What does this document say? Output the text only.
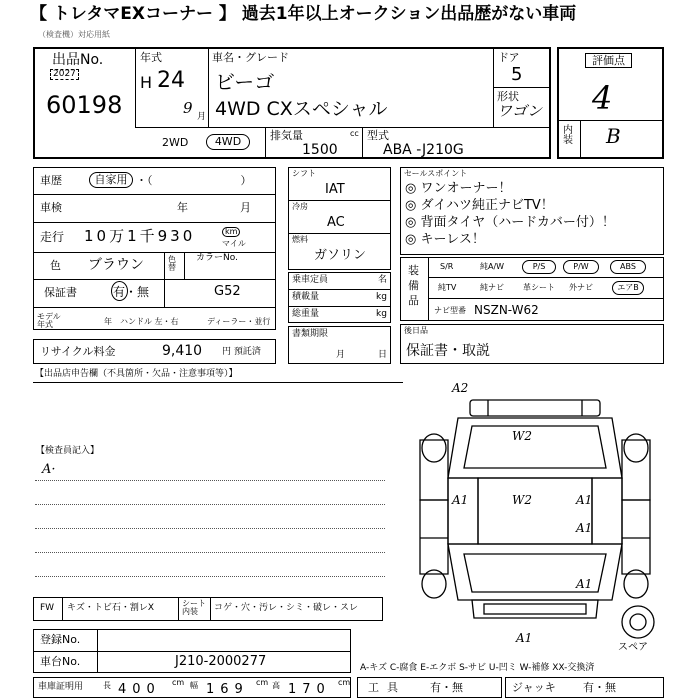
【 トレタマEXコーナー 】 過去1年以上オークション出品歴がない車両
（検査機）対応用紙
出品No.
2027
60198
年式
H 24
9 月
車名・グレード
ビーゴ
4WD CXスペシャル
ドア
5
形状
ワゴン
2WD	4WD	排気量	cc
1500
型式
ABA -J210G
評価点
4
内装 B
車歴	自家用 ・（　　　　　　　　）
車検	年	月
走行 10万1千930	km
マイル
色 ブラウン	色替
カラーNo.
G52
保証書	有・無
モデル年式	年 ハンドル 左・右	ディーラー・並行
リサイクル料金	9,410 円 預託済
シフト
IAT
冷房
AC
燃料
ガソリン
乗車定員	名
積載量	kg
総重量	kg
書類期限
月	日
セールスポイント
◎ ワンオーナー！
◎ ダイハツ純正ナビTV！
◎ 背面タイヤ（ハードカバー付）！
◎ キーレス！
装備品
S/R	純A/W	P/S	P/W	ABS
純TV	純ナビ 革シート 外ナビ	エアB
ナビ型番 NSZN-W62
後日品
保証書・取説
【出品店申告欄（不具箇所・欠品・注意事項等）】
【検査員記入】
A·
FW キズ・トビ石・割レX	シート内装	コゲ・穴・汚レ・シミ・破レ・スレ
登録No.
車台No.	J210-2000277
車庫証明用 長 400 cm 幅 169 cm 高 170 cm
A-キズ C-腐食 E-エクボ S-サビ U-凹ミ W-補修 XX-交換済
工具 有・無	ジャッキ 有・無
A2
W2
W2
A1	A1
A1
A1
A1
スペア
